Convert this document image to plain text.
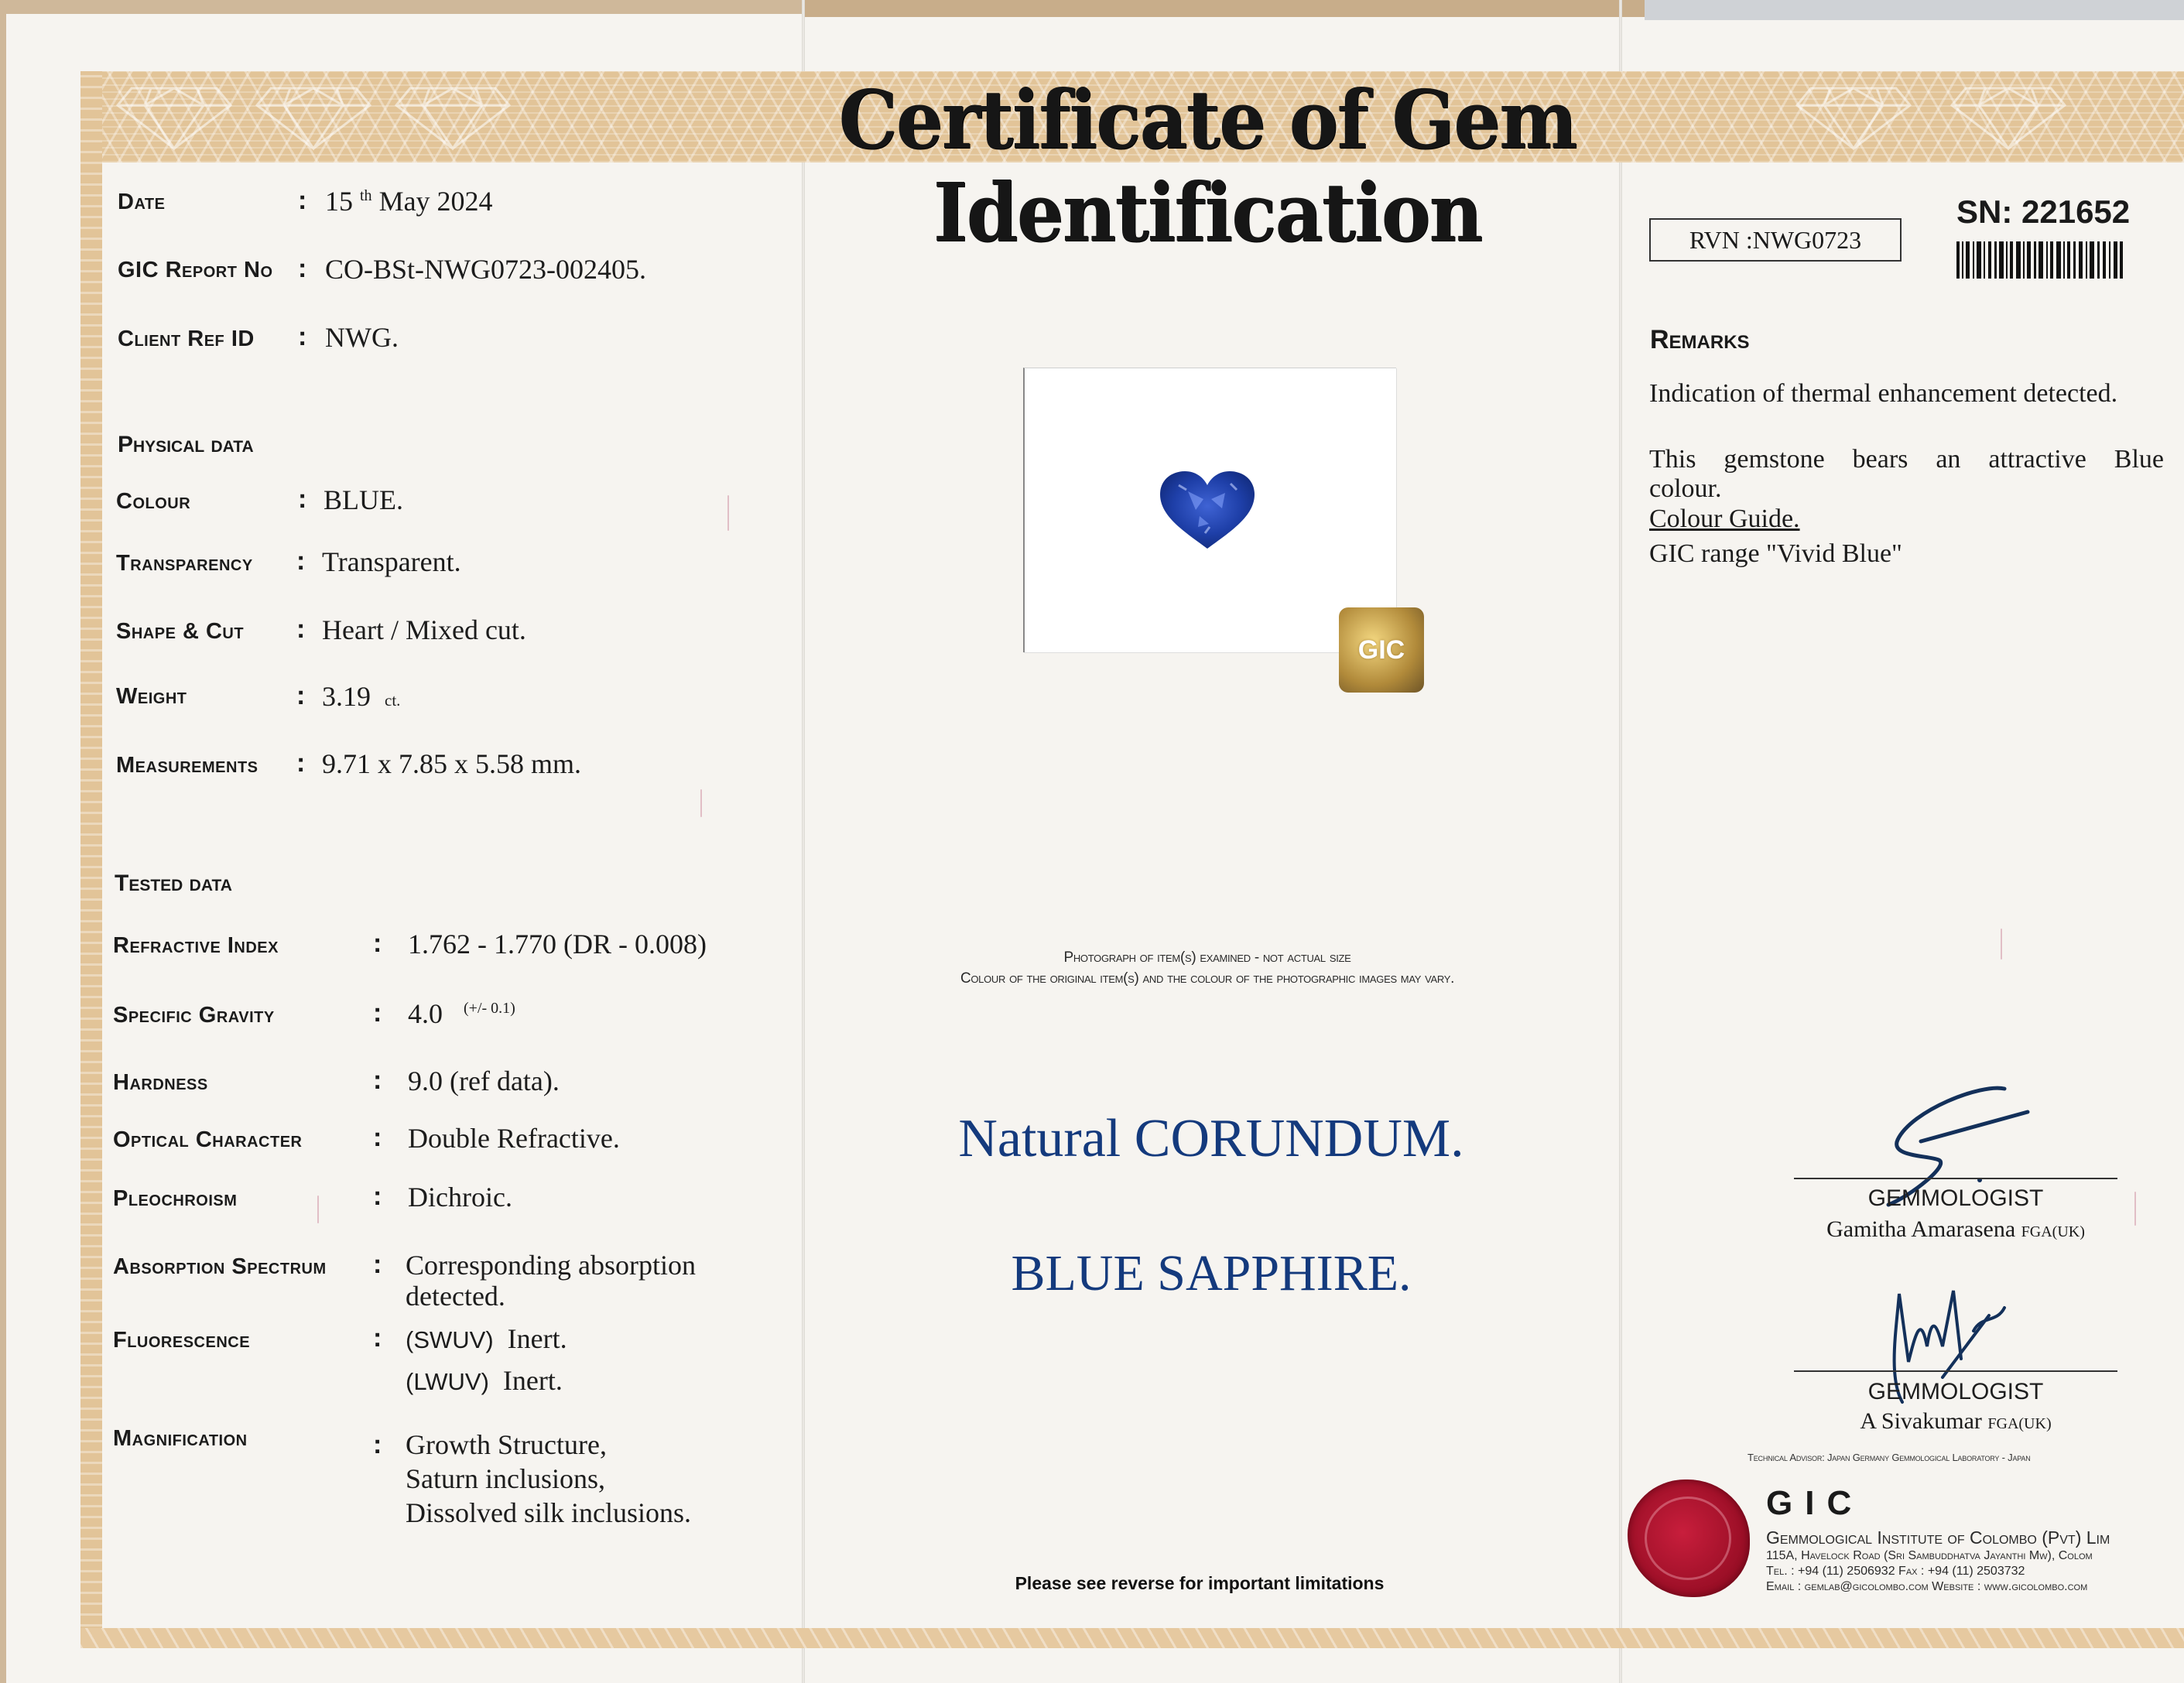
Certificate of Gem Identification
Date	: 15 $^{th}$ May 2024
GIC Report No : CO-BSt-NWG0723-002405.
Client Ref ID : NWG.
Physical data
Colour	: BLUE.
Transparency : Transparent.
Shape & Cut : Heart / Mixed cut.
Weight	: 3.19 ct.
Measurements : 9.71 x 7.85 x 5.58 mm.
Tested data
Refractive Index	: 1.762 - 1.770 (DR - 0.008)
Specific Gravity	: 4.0 $^{(+/- 0.1)}$
Hardness	: 9.0 (ref data).
Optical Character	: Double Refractive.
Pleochroism	: Dichroic.
Absorption Spectrum : Corresponding absorption
detected.
Fluorescence	: (SWUV) Inert.
(LWUV) Inert.
Magnification	: Growth Structure,
Saturn inclusions,
Dissolved silk inclusions.
GIC
Photograph of item(s) examined - not actual size
Colour of the original item(s) and the colour of the photographic images may vary.
Natural CORUNDUM.
BLUE SAPPHIRE.
Please see reverse for important limitations
RVN :NWG0723
SN: 221652
Remarks
Indication of thermal enhancement detected.
This gemstone bears an attractive Blue
colour.
Colour Guide.
GIC range "Vivid Blue"
GEMMOLOGIST
Gamitha Amarasena FGA(UK)
GEMMOLOGIST
A Sivakumar FGA(UK)
Technical Advisor: Japan Germany Gemmological Laboratory - Japan
GIC
Gemmological Institute of Colombo (Pvt) Lim
115A, Havelock Road (Sri Sambuddhatva Jayanthi Mw), Colom
Tel. : +94 (11) 2506932 Fax : +94 (11) 2503732
Email : gemlab@gicolombo.com Website : www.gicolombo.com
